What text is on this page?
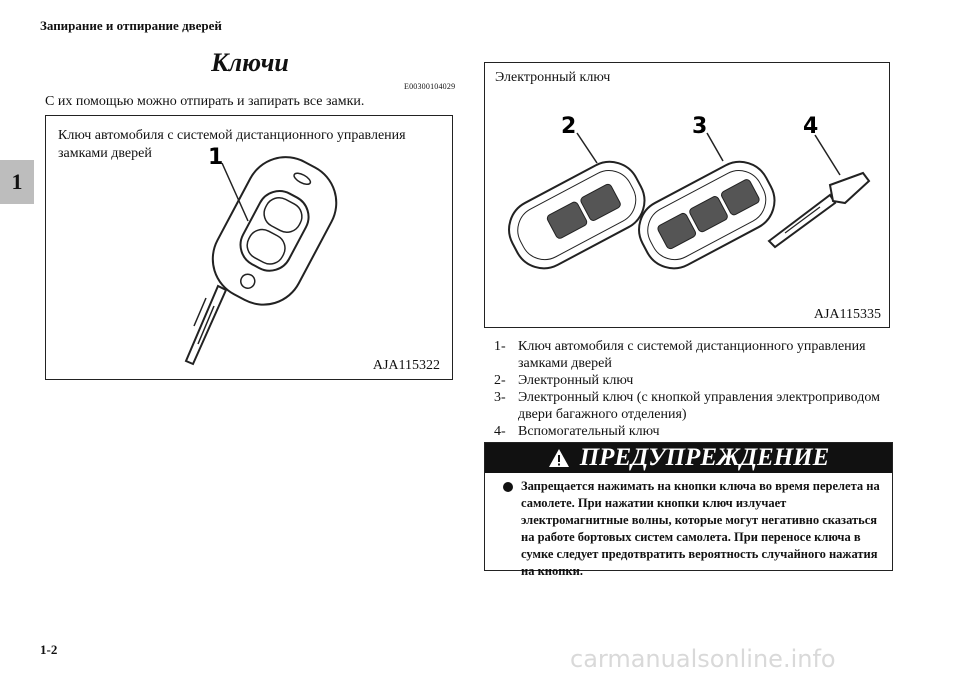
Запирание и отпирание дверей
1
Ключи
E00300104029
С их помощью можно отпирать и запирать все замки.
1
Ключ автомобиля с системой дистанционного управления замками дверей
AJA115322
2	3	4
Электронный ключ
AJA115335
1- Ключ автомобиля с системой дистанционного управления замками дверей
2- Электронный ключ
3- Электронный ключ (с кнопкой управления электроприводом двери багажного отделения)
4- Вспомогательный ключ
ПРЕДУПРЕЖДЕНИЕ
Запрещается нажимать на кнопки ключа во время перелета на самолете. При нажатии кнопки ключ излучает электромагнитные волны, которые могут негативно сказаться на работе бортовых систем самолета. При переносе ключа в сумке следует предотвратить вероятность случайного нажатия на кнопки.
1-2	carmanualsonline.info
